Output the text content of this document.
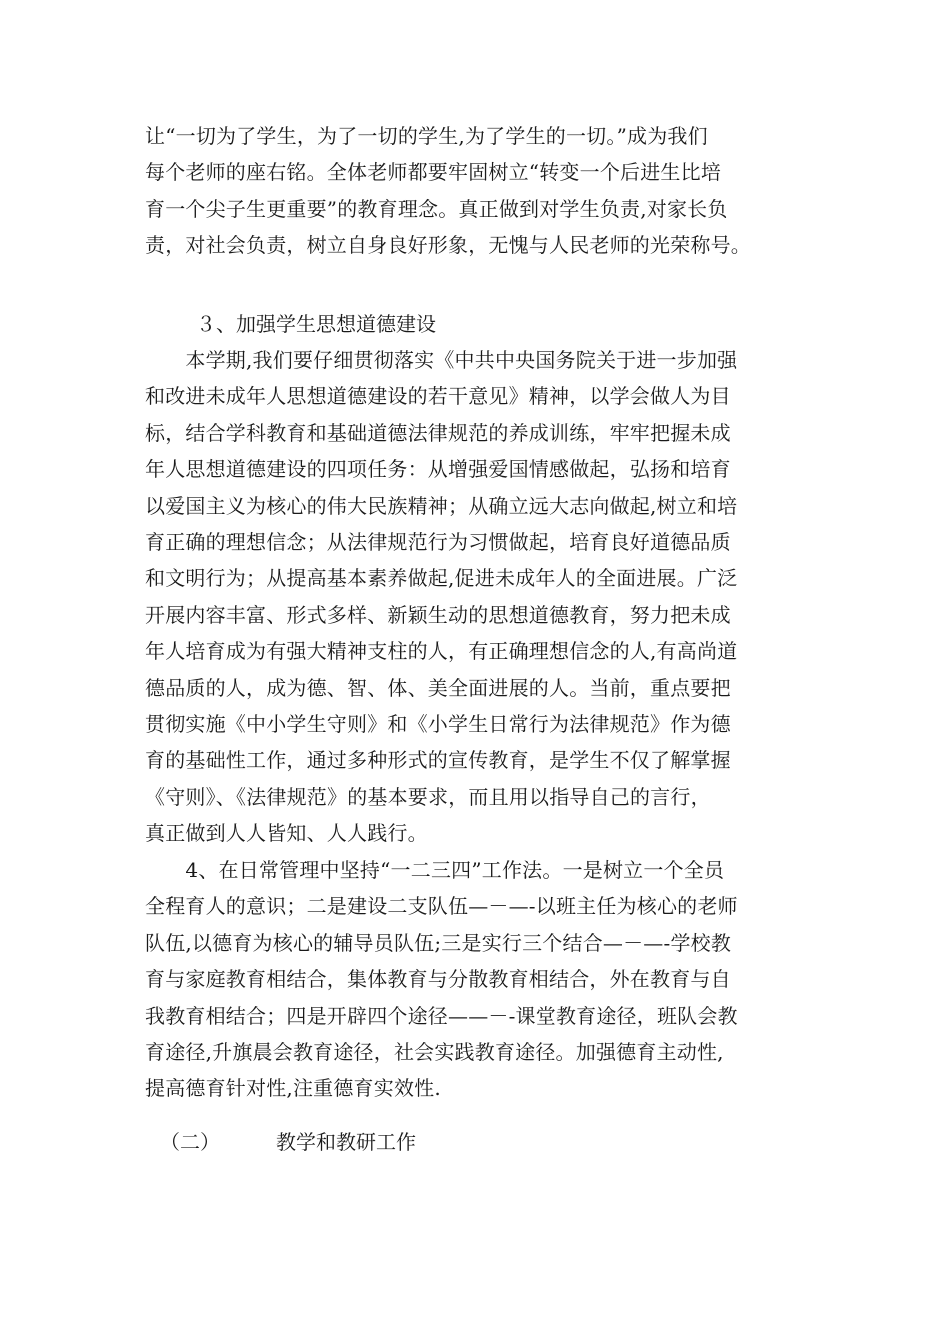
让“一切为了学生，为了一切的学生,为了学生的一切。”成为我们
每个老师的座右铭。全体老师都要牢固树立“转变一个后进生比培
育一个尖子生更重要”的教育理念。真正做到对学生负责,对家长负
责，对社会负责，树立自身良好形象，无愧与人民老师的光荣称号。
３、加强学生思想道德建设
　　本学期,我们要仔细贯彻落实《中共中央国务院关于进一步加强
和改进未成年人思想道德建设的若干意见》精神，以学会做人为目
标，结合学科教育和基础道德法律规范的养成训练，牢牢把握未成
年人思想道德建设的四项任务：从增强爱国情感做起，弘扬和培育
以爱国主义为核心的伟大民族精神；从确立远大志向做起,树立和培
育正确的理想信念；从法律规范行为习惯做起，培育良好道德品质
和文明行为；从提高基本素养做起,促进未成年人的全面进展。广泛
开展内容丰富、形式多样、新颖生动的思想道德教育，努力把未成
年人培育成为有强大精神支柱的人，有正确理想信念的人,有高尚道
德品质的人，成为德、智、体、美全面进展的人。当前，重点要把
贯彻实施《中小学生守则》和《小学生日常行为法律规范》作为德
育的基础性工作，通过多种形式的宣传教育，是学生不仅了解掌握
《守则》、《法律规范》的基本要求，而且用以指导自己的言行，
真正做到人人皆知、人人践行。
　　4、在日常管理中坚持“一二三四”工作法。一是树立一个全员
全程育人的意识；二是建设二支队伍—－—-以班主任为核心的老师
队伍,以德育为核心的辅导员队伍;三是实行三个结合—－—-学校教
育与家庭教育相结合，集体教育与分散教育相结合，外在教育与自
我教育相结合；四是开辟四个途径——－-课堂教育途径，班队会教
育途径,升旗晨会教育途径，社会实践教育途径。加强德育主动性,
提高德育针对性,注重德育实效性.
（二）	教学和教研工作
